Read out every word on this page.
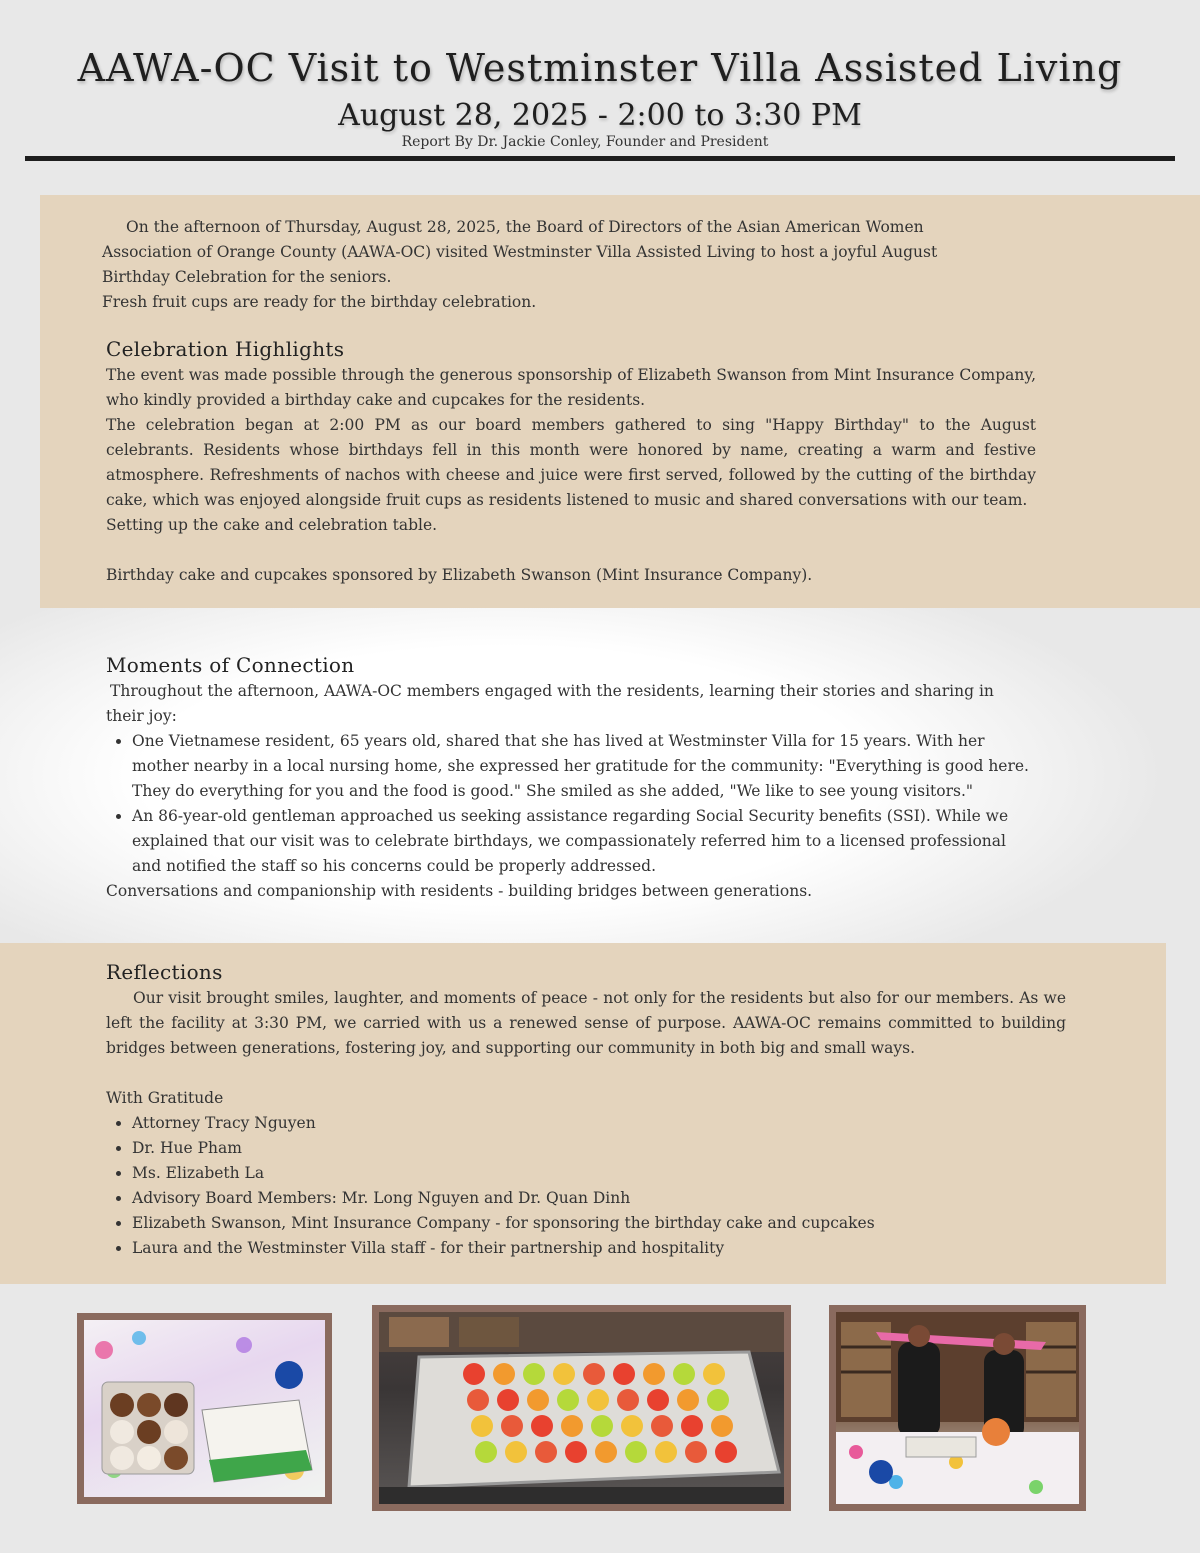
AAWA-OC Visit to Westminster Villa Assisted Living
August 28, 2025 - 2:00 to 3:30 PM
Report By Dr. Jackie Conley, Founder and President

On the afternoon of Thursday, August 28, 2025, the Board of Directors of the Asian American Women Association of Orange County (AAWA-OC) visited Westminster Villa Assisted Living to host a joyful August Birthday Celebration for the seniors.

Fresh fruit cups are ready for the birthday celebration.

Celebration Highlights

The event was made possible through the generous sponsorship of Elizabeth Swanson from Mint Insurance Company, who kindly provided a birthday cake and cupcakes for the residents.

The celebration began at 2:00 PM as our board members gathered to sing "Happy Birthday" to the August celebrants. Residents whose birthdays fell in this month were honored by name, creating a warm and festive atmosphere. Refreshments of nachos with cheese and juice were first served, followed by the cutting of the birthday cake, which was enjoyed alongside fruit cups as residents listened to music and shared conversations with our team.

Setting up the cake and celebration table.

Birthday cake and cupcakes sponsored by Elizabeth Swanson (Mint Insurance Company).

Moments of Connection

Throughout the afternoon, AAWA-OC members engaged with the residents, learning their stories and sharing in their joy:

• One Vietnamese resident, 65 years old, shared that she has lived at Westminster Villa for 15 years. With her mother nearby in a local nursing home, she expressed her gratitude for the community: "Everything is good here. They do everything for you and the food is good." She smiled as she added, "We like to see young visitors."
• An 86-year-old gentleman approached us seeking assistance regarding Social Security benefits (SSI). While we explained that our visit was to celebrate birthdays, we compassionately referred him to a licensed professional and notified the staff so his concerns could be properly addressed.

Conversations and companionship with residents - building bridges between generations.

Reflections

Our visit brought smiles, laughter, and moments of peace - not only for the residents but also for our members. As we left the facility at 3:30 PM, we carried with us a renewed sense of purpose. AAWA-OC remains committed to building bridges between generations, fostering joy, and supporting our community in both big and small ways.

With Gratitude

• Attorney Tracy Nguyen
• Dr. Hue Pham
• Ms. Elizabeth La
• Advisory Board Members: Mr. Long Nguyen and Dr. Quan Dinh
• Elizabeth Swanson, Mint Insurance Company - for sponsoring the birthday cake and cupcakes
• Laura and the Westminster Villa staff - for their partnership and hospitality
